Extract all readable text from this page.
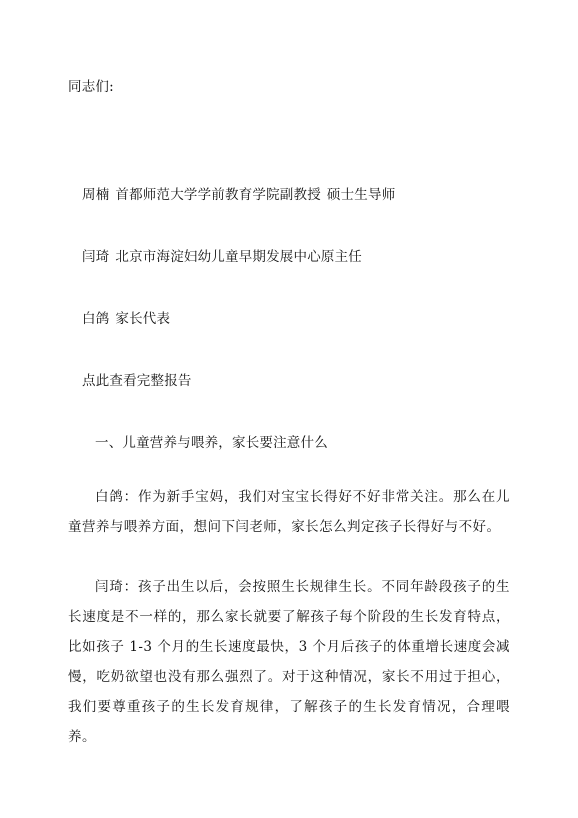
同志们:
周楠 首都师范大学学前教育学院副教授 硕士生导师
闫琦 北京市海淀妇幼儿童早期发展中心原主任
白鸽 家长代表
点此查看完整报告
一、儿童营养与喂养，家长要注意什么
白鸽：作为新手宝妈，我们对宝宝长得好不好非常关注。那么在儿童营养与喂养方面，想问下闫老师，家长怎么判定孩子长得好与不好。
闫琦：孩子出生以后，会按照生长规律生长。不同年龄段孩子的生长速度是不一样的，那么家长就要了解孩子每个阶段的生长发育特点，比如孩子 1-3 个月的生长速度最快，3 个月后孩子的体重增长速度会减慢，吃奶欲望也没有那么强烈了。对于这种情况，家长不用过于担心，我们要尊重孩子的生长发育规律，了解孩子的生长发育情况，合理喂养。
